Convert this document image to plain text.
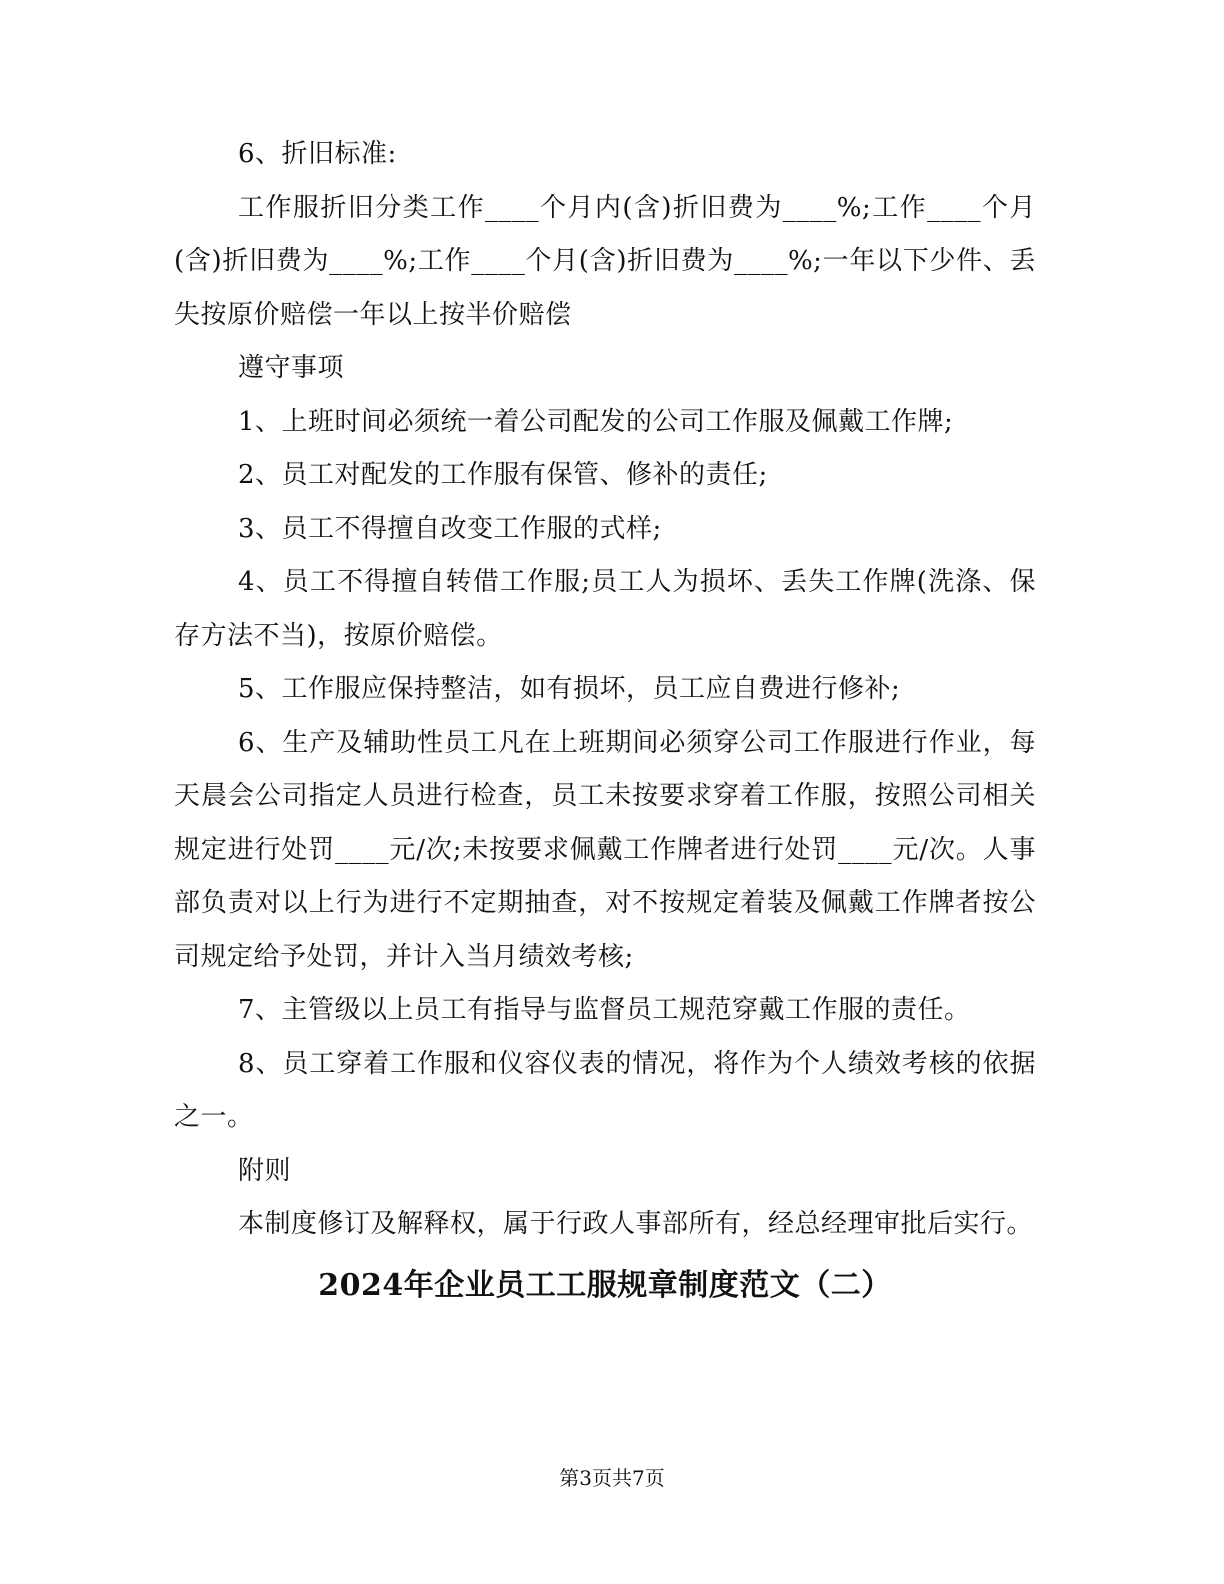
6、折旧标准:

工作服折旧分类工作____个月内(含)折旧费为____%;工作____个月(含)折旧费为____%;工作____个月(含)折旧费为____%;一年以下少件、丢失按原价赔偿一年以上按半价赔偿

遵守事项

1、上班时间必须统一着公司配发的公司工作服及佩戴工作牌;

2、员工对配发的工作服有保管、修补的责任;

3、员工不得擅自改变工作服的式样;

4、员工不得擅自转借工作服;员工人为损坏、丢失工作牌(洗涤、保存方法不当)，按原价赔偿。

5、工作服应保持整洁，如有损坏，员工应自费进行修补;

6、生产及辅助性员工凡在上班期间必须穿公司工作服进行作业，每天晨会公司指定人员进行检查，员工未按要求穿着工作服，按照公司相关规定进行处罚____元/次;未按要求佩戴工作牌者进行处罚____元/次。人事部负责对以上行为进行不定期抽查，对不按规定着装及佩戴工作牌者按公司规定给予处罚，并计入当月绩效考核;

7、主管级以上员工有指导与监督员工规范穿戴工作服的责任。

8、员工穿着工作服和仪容仪表的情况，将作为个人绩效考核的依据之一。

附则

本制度修订及解释权，属于行政人事部所有，经总经理审批后实行。

2024年企业员工工服规章制度范文（二）
第3页共7页
